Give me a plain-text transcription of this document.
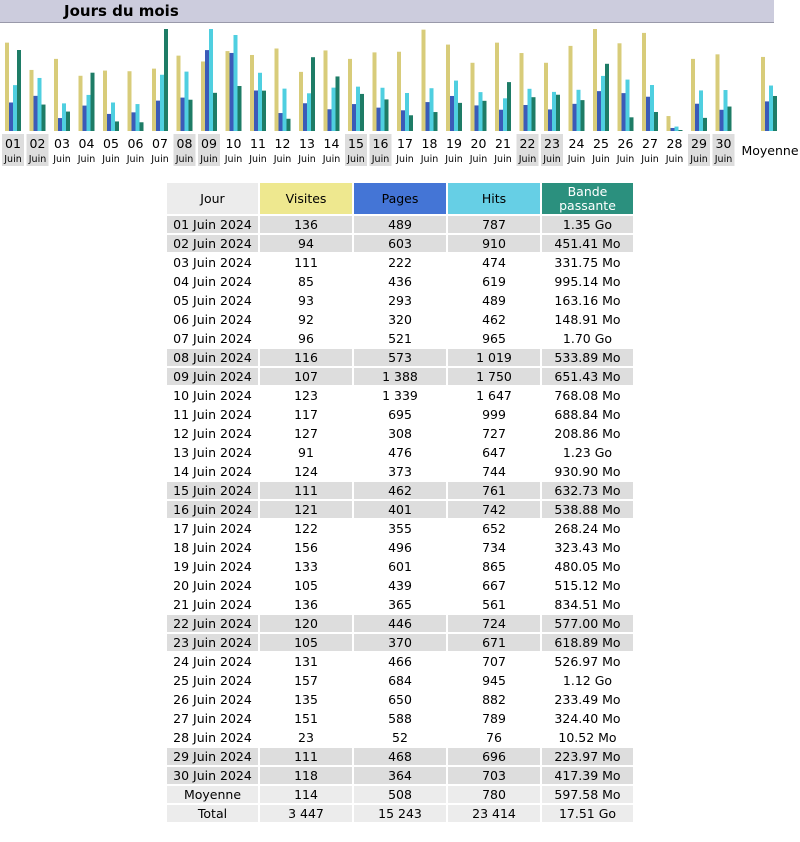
Jours du mois
01
Juin
02
Juin
03
Juin
04
Juin
05
Juin
06
Juin
07
Juin
08
Juin
09
Juin
10
Juin
11
Juin
12
Juin
13
Juin
14
Juin
15
Juin
16
Juin
17
Juin
18
Juin
19
Juin
20
Juin
21
Juin
22
Juin
23
Juin
24
Juin
25
Juin
26
Juin
27
Juin
28
Juin
29
Juin
30
Juin
Moyenne
Jour	Visites	Pages	Hits	Bande passante
01 Juin 2024	136	489	787	1.35 Go
02 Juin 2024	94	603	910	451.41 Mo
03 Juin 2024	111	222	474	331.75 Mo
04 Juin 2024	85	436	619	995.14 Mo
05 Juin 2024	93	293	489	163.16 Mo
06 Juin 2024	92	320	462	148.91 Mo
07 Juin 2024	96	521	965	1.70 Go
08 Juin 2024	116	573	1 019	533.89 Mo
09 Juin 2024	107	1 388	1 750	651.43 Mo
10 Juin 2024	123	1 339	1 647	768.08 Mo
11 Juin 2024	117	695	999	688.84 Mo
12 Juin 2024	127	308	727	208.86 Mo
13 Juin 2024	91	476	647	1.23 Go
14 Juin 2024	124	373	744	930.90 Mo
15 Juin 2024	111	462	761	632.73 Mo
16 Juin 2024	121	401	742	538.88 Mo
17 Juin 2024	122	355	652	268.24 Mo
18 Juin 2024	156	496	734	323.43 Mo
19 Juin 2024	133	601	865	480.05 Mo
20 Juin 2024	105	439	667	515.12 Mo
21 Juin 2024	136	365	561	834.51 Mo
22 Juin 2024	120	446	724	577.00 Mo
23 Juin 2024	105	370	671	618.89 Mo
24 Juin 2024	131	466	707	526.97 Mo
25 Juin 2024	157	684	945	1.12 Go
26 Juin 2024	135	650	882	233.49 Mo
27 Juin 2024	151	588	789	324.40 Mo
28 Juin 2024	23	52	76	10.52 Mo
29 Juin 2024	111	468	696	223.97 Mo
30 Juin 2024	118	364	703	417.39 Mo
Moyenne	114	508	780	597.58 Mo
Total	3 447	15 243	23 414	17.51 Go
